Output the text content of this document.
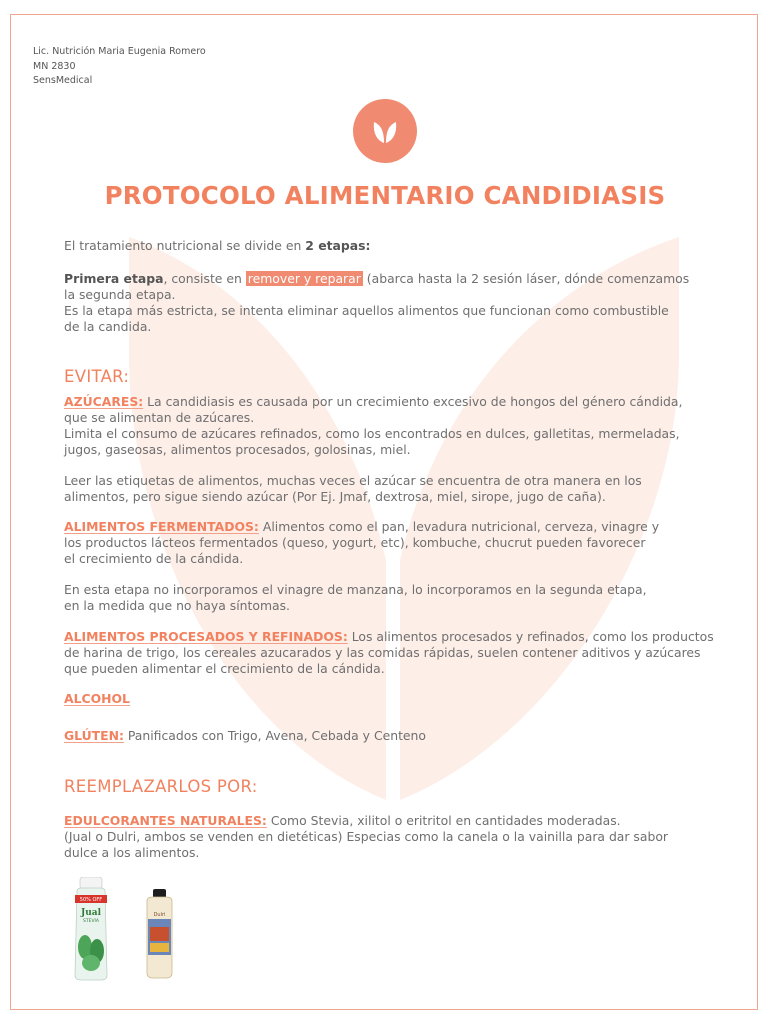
Lic. Nutrición Maria Eugenia Romero
MN 2830
SensMedical
PROTOCOLO ALIMENTARIO CANDIDIASIS
El tratamiento nutricional se divide en 2 etapas:
Primera etapa, consiste en remover y reparar (abarca hasta la 2 sesión láser, dónde comenzamos
la segunda etapa.
Es la etapa más estricta, se intenta eliminar aquellos alimentos que funcionan como combustible
de la candida.
EVITAR:
AZÚCARES: La candidiasis es causada por un crecimiento excesivo de hongos del género cándida,
que se alimentan de azúcares.
Limita el consumo de azúcares refinados, como los encontrados en dulces, galletitas, mermeladas,
jugos, gaseosas, alimentos procesados, golosinas, miel.
Leer las etiquetas de alimentos, muchas veces el azúcar se encuentra de otra manera en los
alimentos, pero sigue siendo azúcar (Por Ej. Jmaf, dextrosa, miel, sirope, jugo de caña).
ALIMENTOS FERMENTADOS: Alimentos como el pan, levadura nutricional, cerveza, vinagre y
los productos lácteos fermentados (queso, yogurt, etc), kombuche, chucrut pueden favorecer
el crecimiento de la cándida.
En esta etapa no incorporamos el vinagre de manzana, lo incorporamos en la segunda etapa,
en la medida que no haya síntomas.
ALIMENTOS PROCESADOS Y REFINADOS: Los alimentos procesados y refinados, como los productos
de harina de trigo, los cereales azucarados y las comidas rápidas, suelen contener aditivos y azúcares
que pueden alimentar el crecimiento de la cándida.
ALCOHOL
GLÚTEN: Panificados con Trigo, Avena, Cebada y Centeno
REEMPLAZARLOS POR:
EDULCORANTES NATURALES: Como Stevia, xilitol o eritritol en cantidades moderadas.
(Jual o Dulri, ambos se venden en dietéticas) Especias como la canela o la vainilla para dar sabor
dulce a los alimentos.
50% OFF
Jual
STEVIA
Dulri
